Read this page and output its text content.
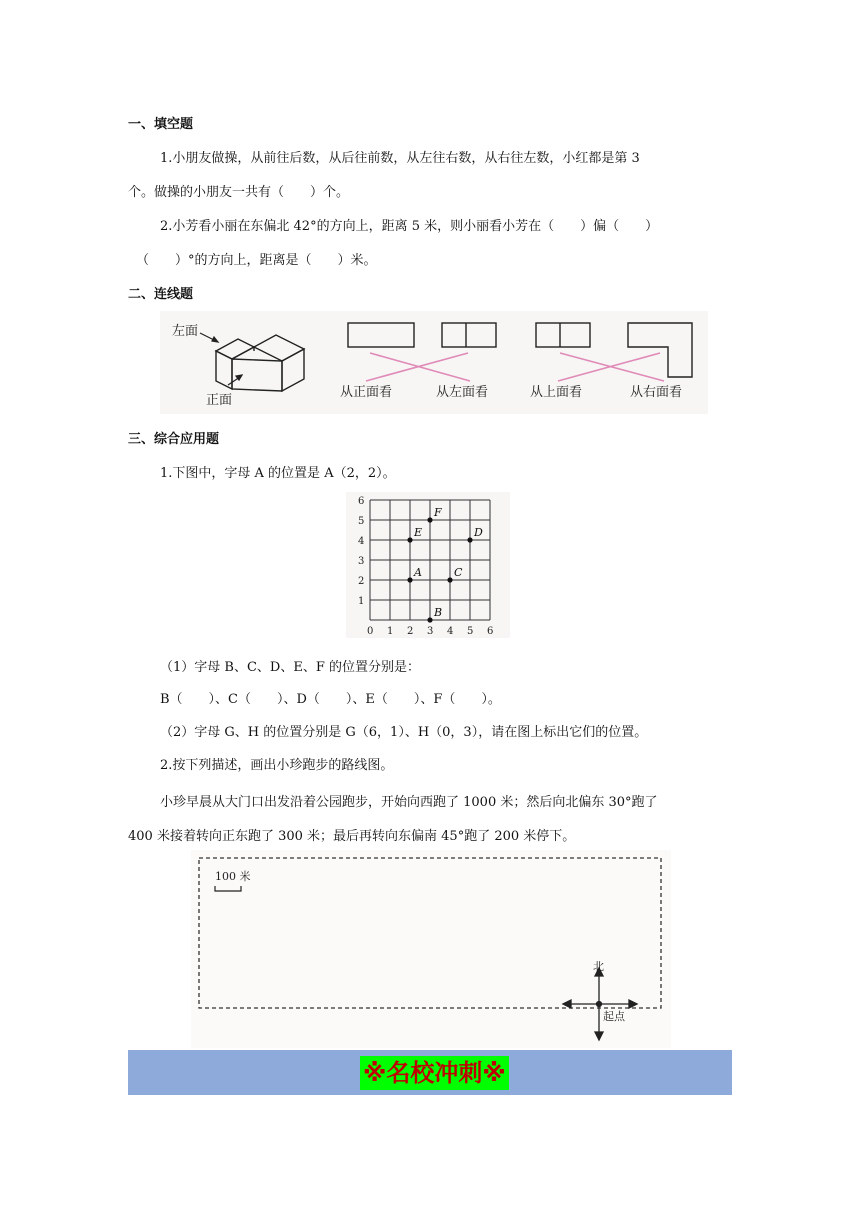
一、填空题
1.小朋友做操，从前往后数，从后往前数，从左往右数，从右往左数，小红都是第 3
个。做操的小朋友一共有（　　）个。
2.小芳看小丽在东偏北 42°的方向上，距离 5 米，则小丽看小芳在（　　）偏（　　）
（　　）°的方向上，距离是（　　）米。
二、连线题
左面
正面
从正面看	从左面看	从上面看	从右面看
三、综合应用题
1.下图中，字母 A 的位置是 A（2，2）。
0 1 2 3 4 5 6
1
2
3
4
5
6
A
B
C
D
E
F
（1）字母 B、C、D、E、F 的位置分别是：
B（　　）、C（　　）、D（　　）、E（　　）、F（　　）。
（2）字母 G、H 的位置分别是 G（6，1）、H（0，3），请在图上标出它们的位置。
2.按下列描述，画出小珍跑步的路线图。
小珍早晨从大门口出发沿着公园跑步，开始向西跑了 1000 米；然后向北偏东 30°跑了
400 米接着转向正东跑了 300 米；最后再转向东偏南 45°跑了 200 米停下。
100 米
北
起点
※名校冲刺※
